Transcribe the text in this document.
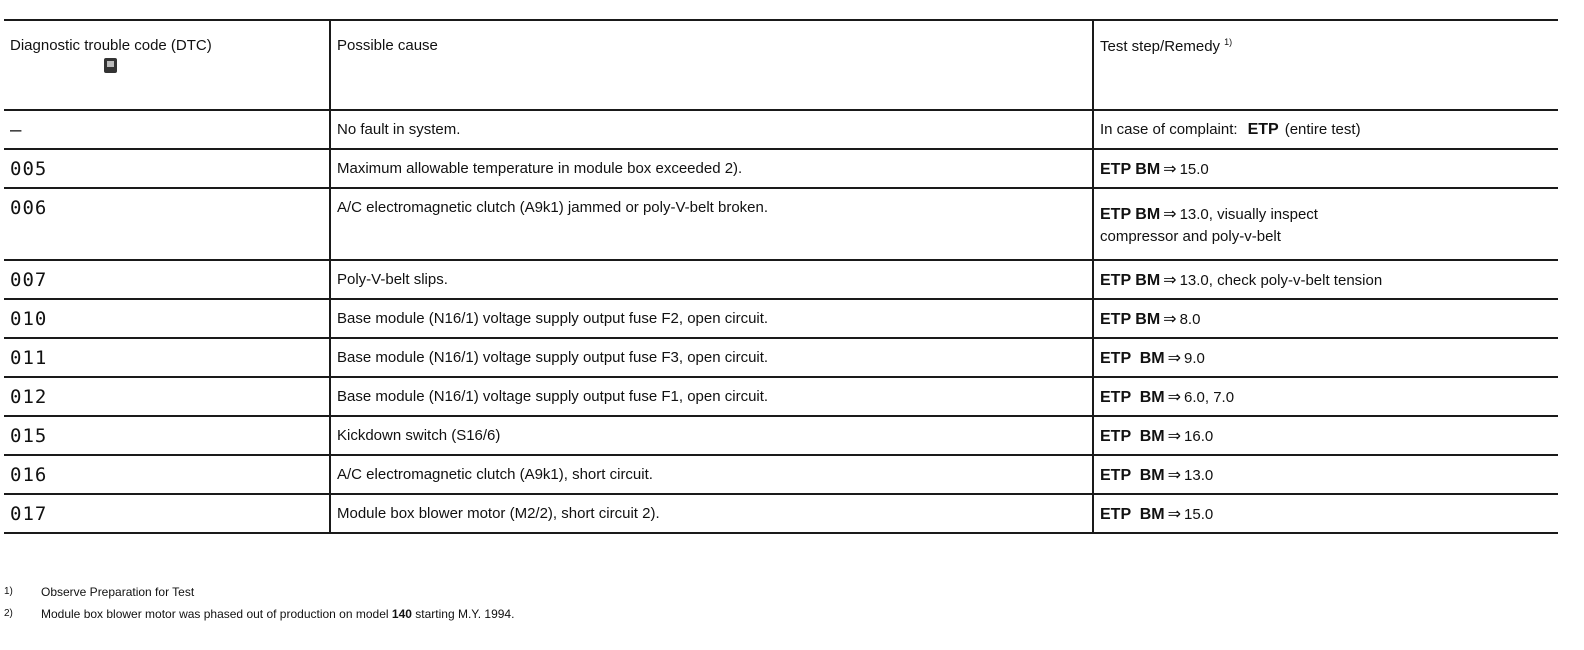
Diagnostic trouble code (DTC)	Possible cause	Test step/Remedy $^{1)}$
–	No fault in system.	In case of complaint: ETP (entire test)
005	Maximum allowable temperature in module box exceeded 2).	ETP BM ⇒ 15.0
006	A/C electromagnetic clutch (A9k1) jammed or poly-V-belt broken.	ETP BM ⇒ 13.0, visually inspect
compressor and poly-v-belt

007	Poly-V-belt slips.	ETP BM ⇒ 13.0, check poly-v-belt tension
010	Base module (N16/1) voltage supply output fuse F2, open circuit.	ETP BM ⇒ 8.0
011	Base module (N16/1) voltage supply output fuse F3, open circuit.	ETP  BM ⇒ 9.0
012	Base module (N16/1) voltage supply output fuse F1, open circuit.	ETP  BM ⇒ 6.0, 7.0
015	Kickdown switch (S16/6)	ETP  BM ⇒ 16.0
016	A/C electromagnetic clutch (A9k1), short circuit.	ETP  BM ⇒ 13.0
017	Module box blower motor (M2/2), short circuit 2).	ETP  BM ⇒ 15.0
1)	Observe Preparation for Test
2)	Module box blower motor was phased out of production on model 140 starting M.Y. 1994.
